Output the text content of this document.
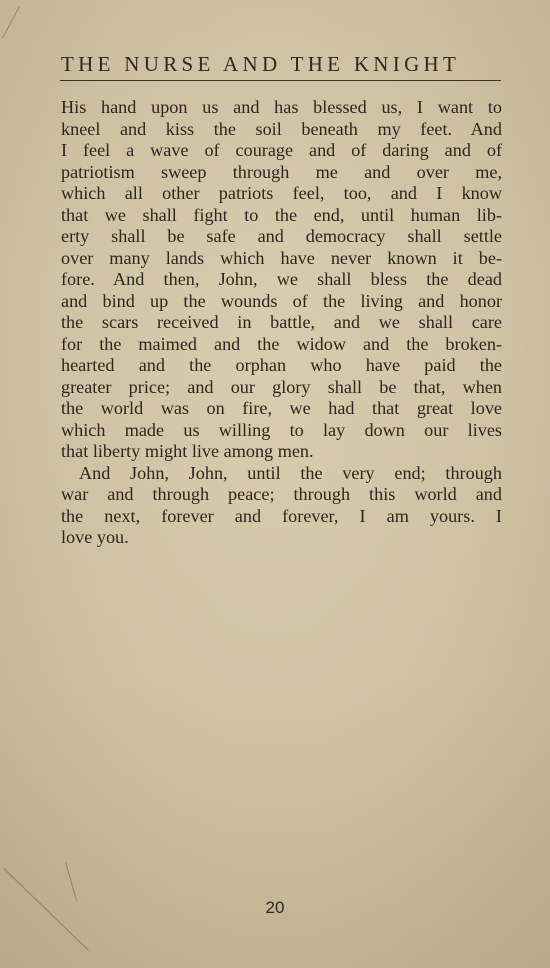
THE NURSE AND THE KNIGHT
His hand upon us and has blessed us, I want to
kneel and kiss the soil beneath my feet. And
I feel a wave of courage and of daring and of
patriotism sweep through me and over me,
which all other patriots feel, too, and I know
that we shall fight to the end, until human lib-
erty shall be safe and democracy shall settle
over many lands which have never known it be-
fore. And then, John, we shall bless the dead
and bind up the wounds of the living and honor
the scars received in battle, and we shall care
for the maimed and the widow and the broken-
hearted and the orphan who have paid the
greater price; and our glory shall be that, when
the world was on fire, we had that great love
which made us willing to lay down our lives
that liberty might live among men.
And John, John, until the very end; through
war and through peace; through this world and
the next, forever and forever, I am yours. I
love you.
20
